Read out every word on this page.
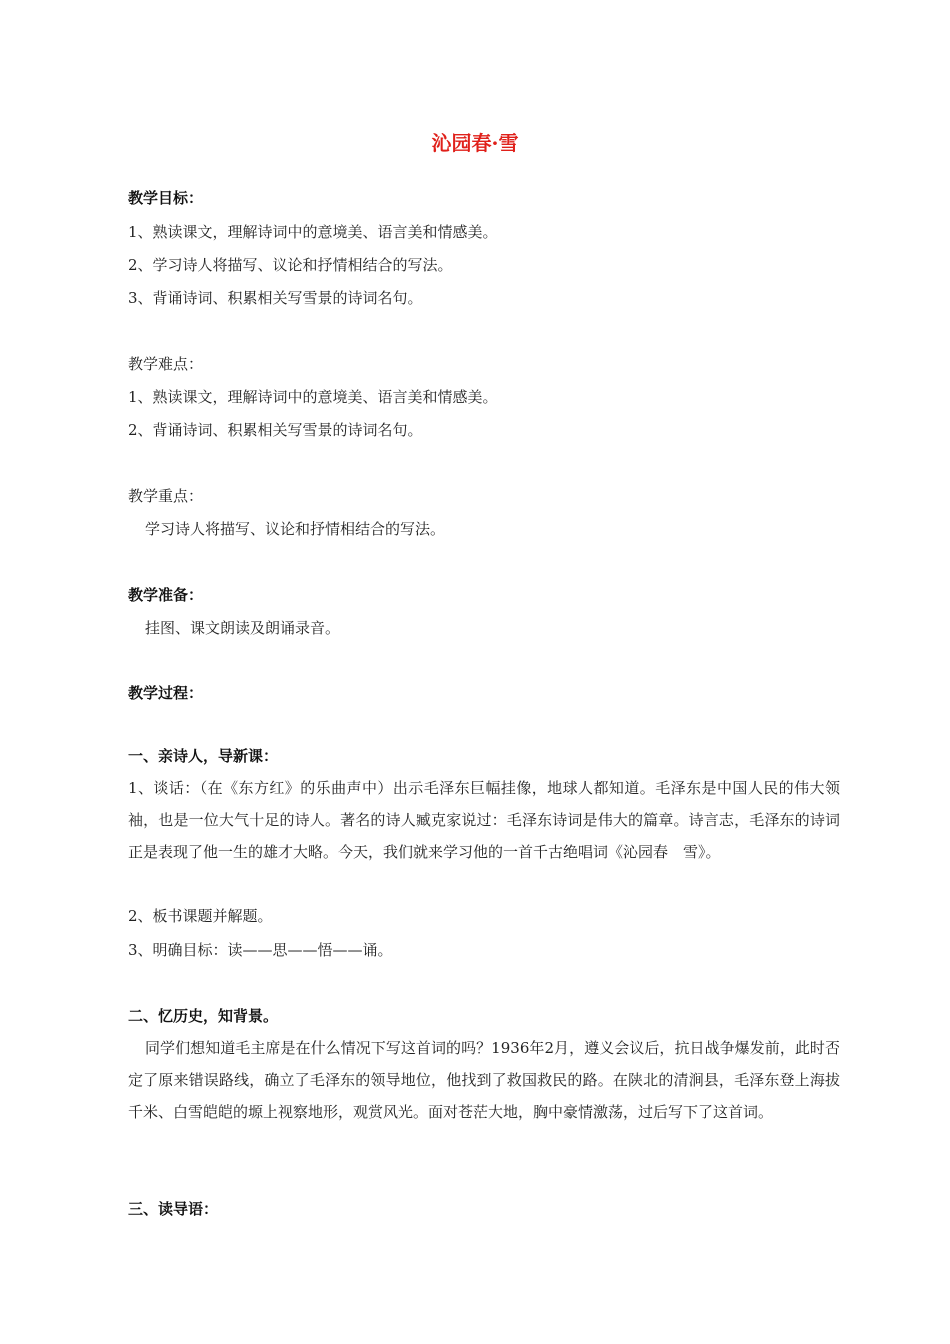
沁园春·雪
教学目标：
1、熟读课文，理解诗词中的意境美、语言美和情感美。
2、学习诗人将描写、议论和抒情相结合的写法。
3、背诵诗词、积累相关写雪景的诗词名句。
教学难点：
1、熟读课文，理解诗词中的意境美、语言美和情感美。
2、背诵诗词、积累相关写雪景的诗词名句。
教学重点：
学习诗人将描写、议论和抒情相结合的写法。
教学准备：
挂图、课文朗读及朗诵录音。
教学过程：
一、亲诗人，导新课：
1、谈话：（在《东方红》的乐曲声中）出示毛泽东巨幅挂像，地球人都知道。毛泽东是中国人民的伟大领袖，也是一位大气十足的诗人。著名的诗人臧克家说过：毛泽东诗词是伟大的篇章。诗言志，毛泽东的诗词正是表现了他一生的雄才大略。今天，我们就来学习他的一首千古绝唱词《沁园春　雪》。
2、板书课题并解题。
3、明确目标：读——思——悟——诵。
二、忆历史，知背景。
同学们想知道毛主席是在什么情况下写这首词的吗？1936年2月，遵义会议后，抗日战争爆发前，此时否定了原来错误路线，确立了毛泽东的领导地位，他找到了救国救民的路。在陕北的清涧县，毛泽东登上海拔千米、白雪皑皑的塬上视察地形，观赏风光。面对苍茫大地，胸中豪情激荡，过后写下了这首词。
三、读导语：
